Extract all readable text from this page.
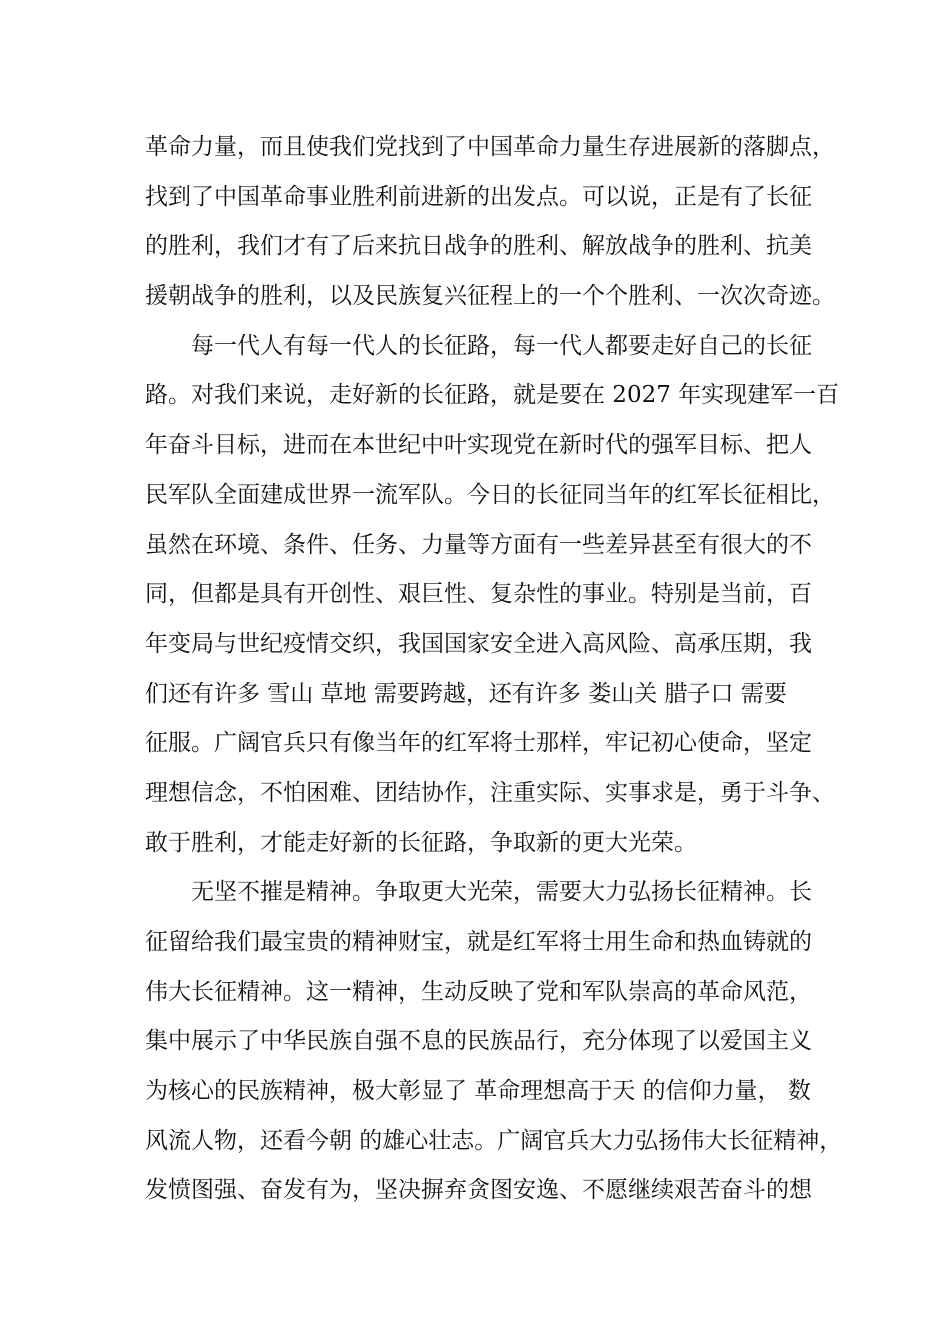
革命力量，而且使我们党找到了中国革命力量生存进展新的落脚点，
找到了中国革命事业胜利前进新的出发点。可以说，正是有了长征
的胜利，我们才有了后来抗日战争的胜利、解放战争的胜利、抗美
援朝战争的胜利，以及民族复兴征程上的一个个胜利、一次次奇迹。
　　每一代人有每一代人的长征路，每一代人都要走好自己的长征
路。对我们来说，走好新的长征路，就是要在 2027 年实现建军一百
年奋斗目标，进而在本世纪中叶实现党在新时代的强军目标、把人
民军队全面建成世界一流军队。今日的长征同当年的红军长征相比，
虽然在环境、条件、任务、力量等方面有一些差异甚至有很大的不
同，但都是具有开创性、艰巨性、复杂性的事业。特别是当前，百
年变局与世纪疫情交织，我国国家安全进入高风险、高承压期，我
们还有许多 雪山 草地 需要跨越，还有许多 娄山关 腊子口 需要
征服。广阔官兵只有像当年的红军将士那样，牢记初心使命，坚定
理想信念，不怕困难、团结协作，注重实际、实事求是，勇于斗争、
敢于胜利，才能走好新的长征路，争取新的更大光荣。
　　无坚不摧是精神。争取更大光荣，需要大力弘扬长征精神。长
征留给我们最宝贵的精神财宝，就是红军将士用生命和热血铸就的
伟大长征精神。这一精神，生动反映了党和军队崇高的革命风范，
集中展示了中华民族自强不息的民族品行，充分体现了以爱国主义
为核心的民族精神，极大彰显了 革命理想高于天 的信仰力量， 数
风流人物，还看今朝 的雄心壮志。广阔官兵大力弘扬伟大长征精神，
发愤图强、奋发有为，坚决摒弃贪图安逸、不愿继续艰苦奋斗的想
